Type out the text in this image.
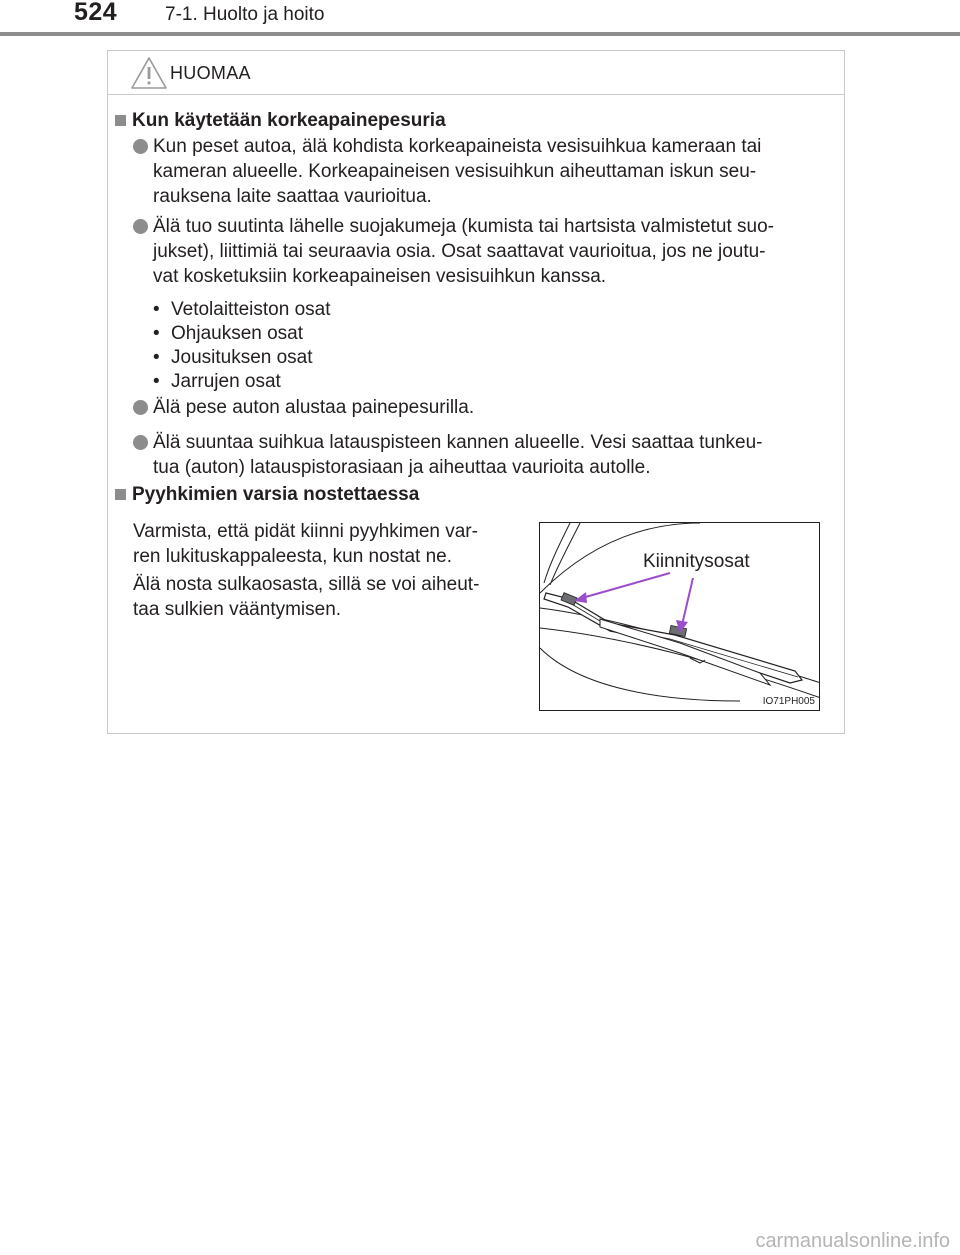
524	7-1. Huolto ja hoito
HUOMAA
Kun käytetään korkeapainepesuria
Kun peset autoa, älä kohdista korkeapaineista vesisuihkua kameraan tai
kameran alueelle. Korkeapaineisen vesisuihkun aiheuttaman iskun seu-
rauksena laite saattaa vaurioitua.
Älä tuo suutinta lähelle suojakumeja (kumista tai hartsista valmistetut suo-
jukset), liittimiä tai seuraavia osia. Osat saattavat vaurioitua, jos ne joutu-
vat kosketuksiin korkeapaineisen vesisuihkun kanssa.
• Vetolaitteiston osat
• Ohjauksen osat
• Jousituksen osat
• Jarrujen osat
Älä pese auton alustaa painepesurilla.
Älä suuntaa suihkua latauspisteen kannen alueelle. Vesi saattaa tunkeu-
tua (auton) latauspistorasiaan ja aiheuttaa vaurioita autolle.
Pyyhkimien varsia nostettaessa
Varmista, että pidät kiinni pyyhkimen var-
ren lukituskappaleesta, kun nostat ne.
Älä nosta sulkaosasta, sillä se voi aiheut-
taa sulkien vääntymisen.
IO71PH005
Kiinnitysosat
carmanualsonline.info
